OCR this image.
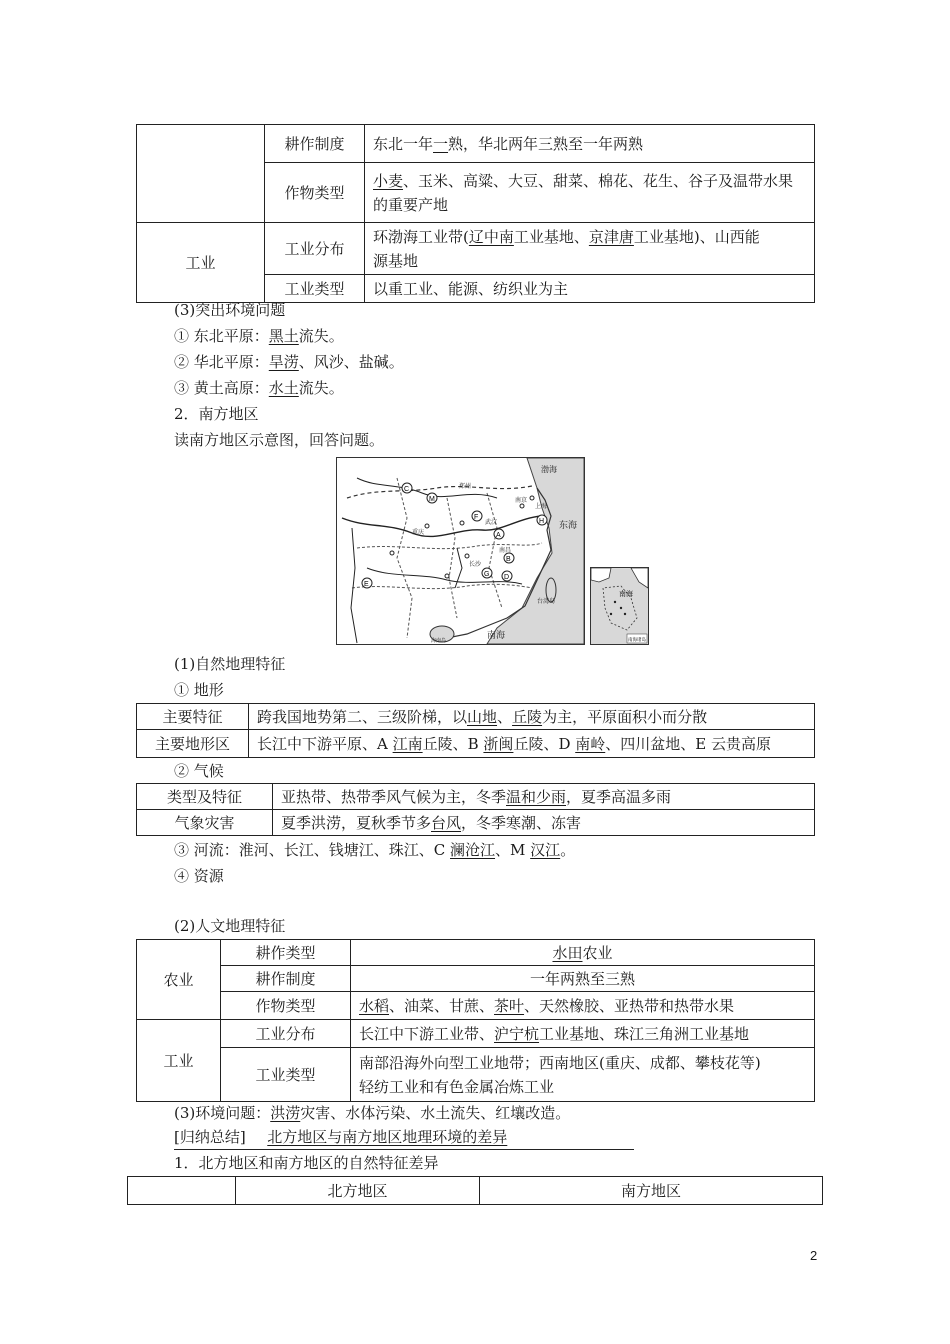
	耕作制度	东北一年一熟，华北两年三熟至一年两熟
	作物类型	小麦、玉米、高粱、大豆、甜菜、棉花、花生、谷子及温带水果
的重要产地
工业	工业分布	环渤海工业带(辽中南工业基地、京津唐工业基地)、山西能
源基地
	工业类型	以重工业、能源、纺织业为主
(3)突出环境问题
① 东北平原：黑土流失。
② 华北平原：旱涝、风沙、盐碱。
③ 黄土高原：水土流失。
2．南方地区
读南方地区示意图，回答问题。
M
F
A
H
G D
B
C
E
重庆
郑州
南昌
长沙
武汉
上海
南京
渤海
东海
南海
台湾岛
海南岛
南海
南海诸岛
(1)自然地理特征
① 地形
主要特征	跨我国地势第二、三级阶梯，以山地、丘陵为主，平原面积小而分散
主要地形区	长江中下游平原、A 江南丘陵、B 浙闽丘陵、D 南岭、四川盆地、E 云贵高原
② 气候
类型及特征	亚热带、热带季风气候为主，冬季温和少雨，夏季高温多雨
气象灾害	夏季洪涝，夏秋季节多台风，冬季寒潮、冻害
③ 河流：淮河、长江、钱塘江、珠江、C 澜沧江、M 汉江。
④ 资源
(2)人文地理特征
农业	耕作类型	水田农业
	耕作制度	一年两熟至三熟
	作物类型	水稻、油菜、甘蔗、茶叶、天然橡胶、亚热带和热带水果
工业	工业分布	长江中下游工业带、沪宁杭工业基地、珠江三角洲工业基地
	工业类型	南部沿海外向型工业地带；西南地区(重庆、成都、攀枝花等)
轻纺工业和有色金属冶炼工业
(3)环境问题：洪涝灾害、水体污染、水土流失、红壤改造。
[归纳总结] 北方地区与南方地区地理环境的差异
1．北方地区和南方地区的自然特征差异
	北方地区	南方地区
2
